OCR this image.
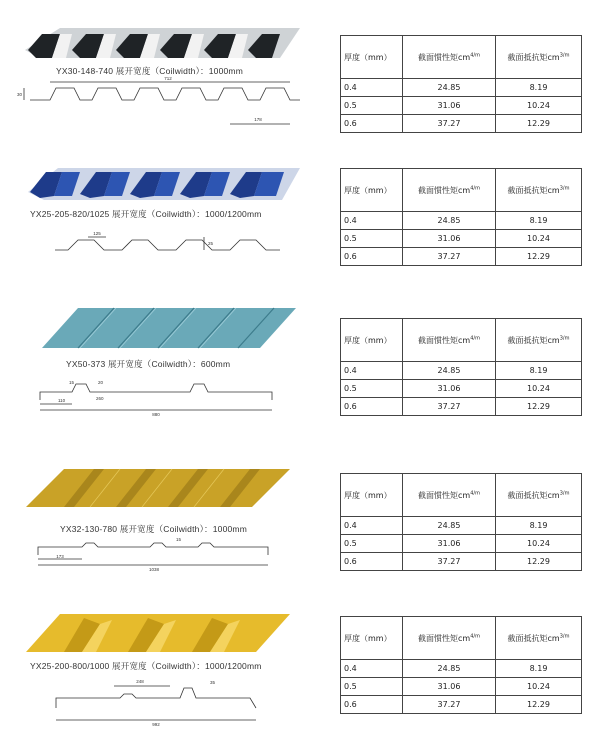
712
178
30
YX30-148-740 展开宽度（Coilwidth）：1000mm
厚度（mm）	截面惯性矩$cm^{4/m}$	截面抵抗矩$cm^{3/m}$
0.4	24.85	8.19
0.5	31.06	10.24
0.6	37.27	12.29
125
25
YX25-205-820/1025 展开宽度（Coilwidth）：1000/1200mm
厚度（mm）	截面惯性矩$cm^{4/m}$	截面抵抗矩$cm^{3/m}$
0.4	24.85	8.19
0.5	31.06	10.24
0.6	37.27	12.29
110
20
260
880
15
YX50-373 展开宽度（Coilwidth）：600mm
厚度（mm）	截面惯性矩$cm^{4/m}$	截面抵抗矩$cm^{3/m}$
0.4	24.85	8.19
0.5	31.06	10.24
0.6	37.27	12.29
173
1038
15
YX32-130-780 展开宽度（Coilwidth）：1000mm
厚度（mm）	截面惯性矩$cm^{4/m}$	截面抵抗矩$cm^{3/m}$
0.4	24.85	8.19
0.5	31.06	10.24
0.6	37.27	12.29
248	35
992
YX25-200-800/1000 展开宽度（Coilwidth）：1000/1200mm
厚度（mm）	截面惯性矩$cm^{4/m}$	截面抵抗矩$cm^{3/m}$
0.4	24.85	8.19
0.5	31.06	10.24
0.6	37.27	12.29
